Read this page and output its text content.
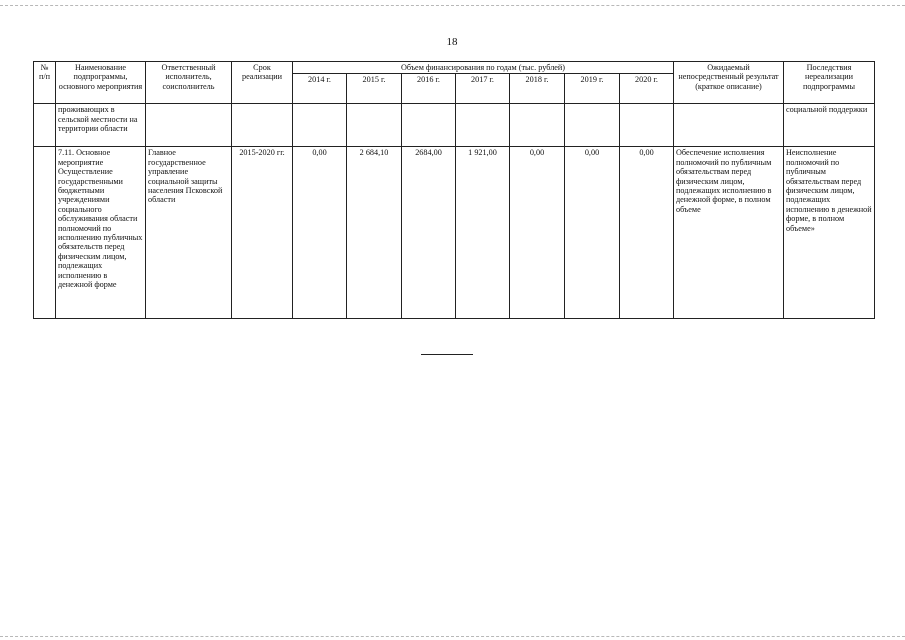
18
№
п/п	Наименование подпрограммы, основного мероприятия	Ответственный исполнитель, соисполнитель	Срок реализации	Объем финансирования по годам (тыс. рублей)							Ожидаемый непосредственный результат (краткое описание)	Последствия нереализации подпрограммы
				2014 г.	2015 г.	2016 г.	2017 г.	2018 г.	2019 г.	2020 г.		
	проживающих в сельской местности на территории области											социальной поддержки
	7.11. Основное мероприятие Осуществление государственными бюджетными учреждениями социального обслуживания области полномочий по исполнению публичных обязательств перед физическим лицом, подлежащих исполнению в денежной форме	Главное государственное управление социальной защиты населения Псковской области	2015-2020 гг.	0,00	2 684,10	2684,00	1 921,00	0,00	0,00	0,00	Обеспечение исполнения полномочий по публичным обязательствам перед физическим лицом, подлежащих исполнению в денежной форме, в полном объеме	Неисполнение полномочий по публичным обязательствам перед физическим лицом, подлежащих исполнению в денежной форме, в полном объеме»
